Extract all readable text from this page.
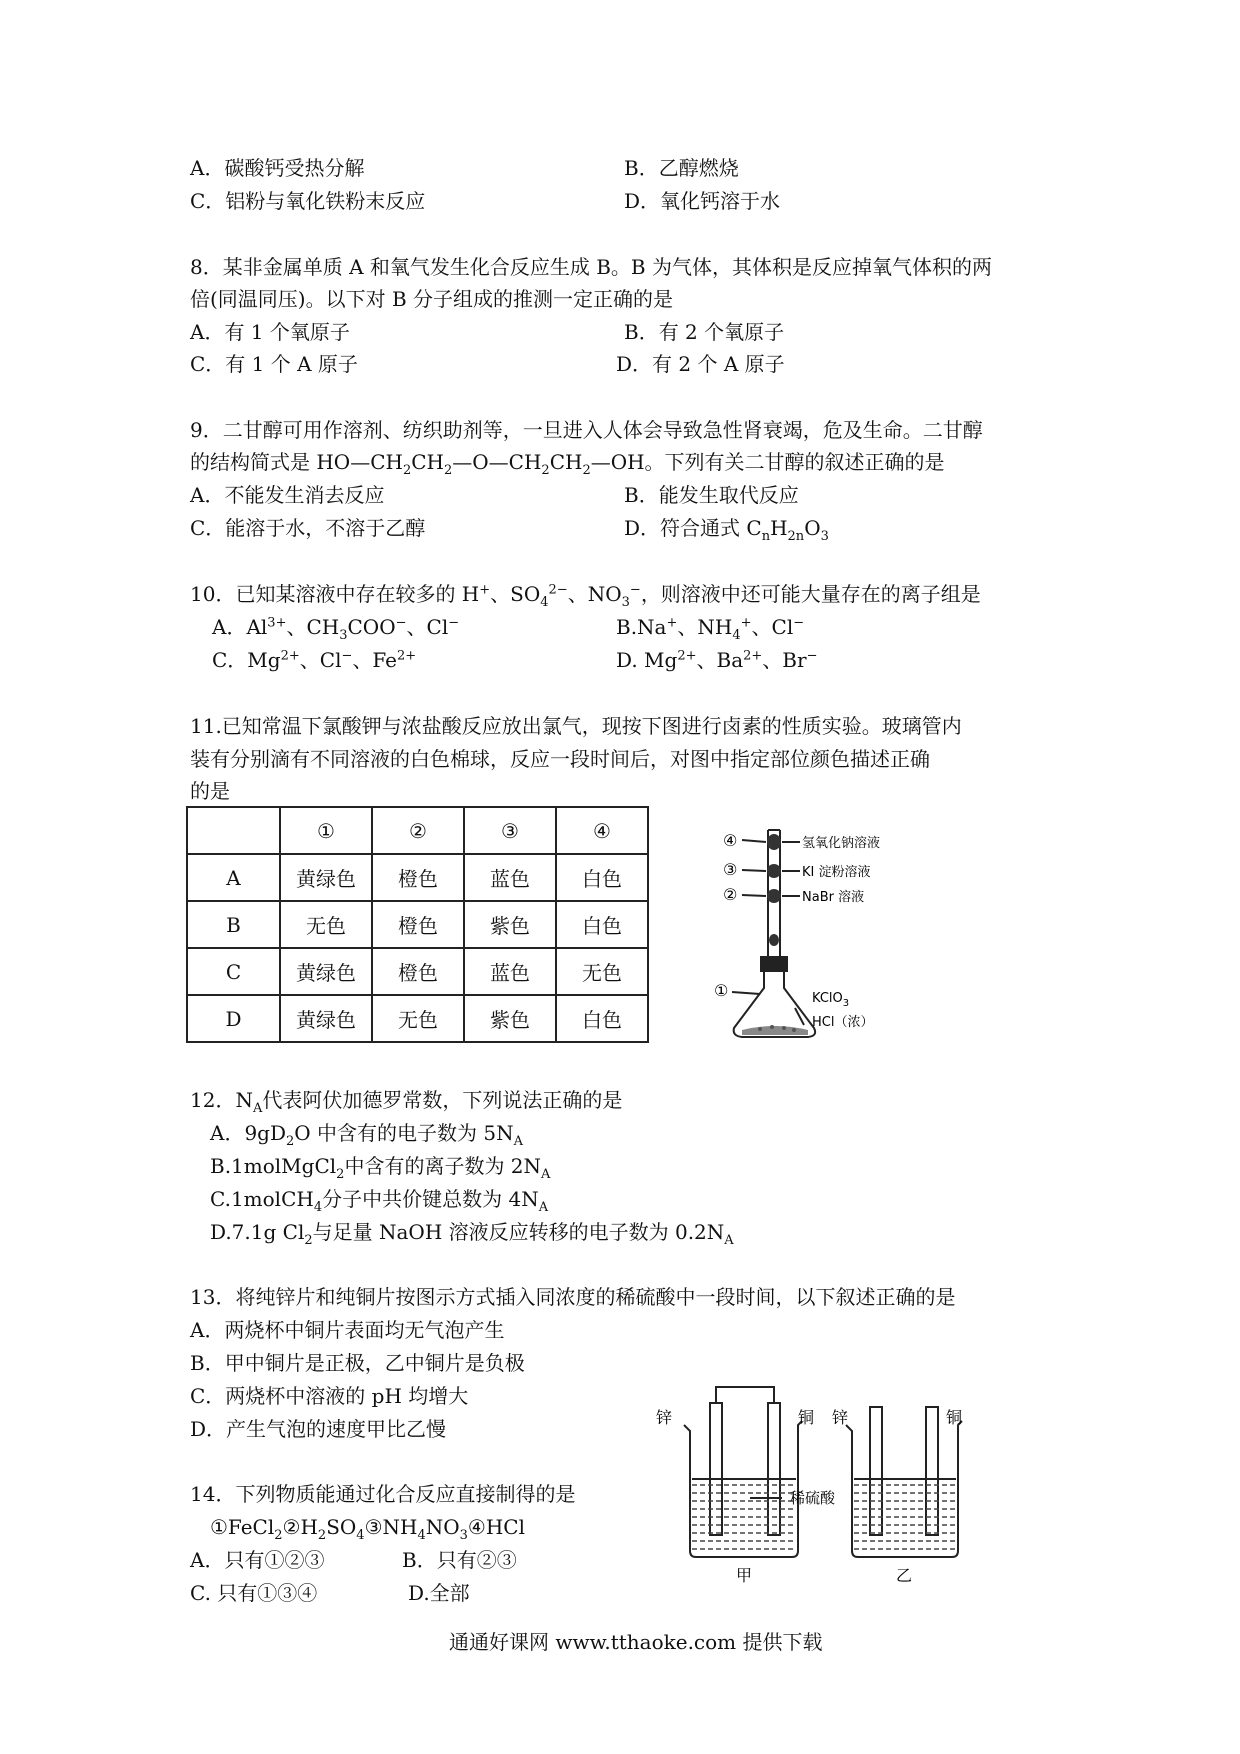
A．碳酸钙受热分解	B．乙醇燃烧
C．铝粉与氧化铁粉末反应	D．氧化钙溶于水
8．某非金属单质 A 和氧气发生化合反应生成 B。B 为气体，其体积是反应掉氧气体积的两
倍(同温同压)。以下对 B 分子组成的推测一定正确的是
A．有 1 个氧原子	B．有 2 个氧原子
C．有 1 个 A 原子	D．有 2 个 A 原子
9．二甘醇可用作溶剂、纺织助剂等，一旦进入人体会导致急性肾衰竭，危及生命。二甘醇
的结构简式是 $HO—CH_2CH_2—O—CH_2CH_2—OH$。下列有关二甘醇的叙述正确的是
A．不能发生消去反应	B．能发生取代反应
C．能溶于水，不溶于乙醇	D．符合通式 $C_nH_{2n}O_3$
10．已知某溶液中存在较多的 H+、$SO_4^{2-}$、$NO_3^-$，则溶液中还可能大量存在的离子组是
A．$Al^{3+}$、$CH_3COO^-$、Cl−	B.Na+、$NH_4^+$、Cl−
C．$Mg^{2+}$、Cl−、$Fe^{2+}$	D. $Mg^{2+}$、$Ba^{2+}$、Br−
11.已知常温下氯酸钾与浓盐酸反应放出氯气，现按下图进行卤素的性质实验。玻璃管内
装有分别滴有不同溶液的白色棉球，反应一段时间后，对图中指定部位颜色描述正确
的是
	①	②	③	④
A	黄绿色	橙色	蓝色	白色
B	无色	橙色	紫色	白色
C	黄绿色	橙色	蓝色	无色
D	黄绿色	无色	紫色	白色
④
③
②
①
氢氧化钠溶液
KI 淀粉溶液
NaBr 溶液
KClO$_3$
HCl（浓）
12．$N_A$代表阿伏加德罗常数，下列说法正确的是
A．$9gD_2O$ 中含有的电子数为 $5N_A$
B.1molMgCl$_2$中含有的离子数为 $2N_A$
C.1molCH$_4$分子中共价键总数为 $4N_A$
D.7.1g $Cl_2$与足量 NaOH 溶液反应转移的电子数为 $0.2N_A$
13．将纯锌片和纯铜片按图示方式插入同浓度的稀硫酸中一段时间，以下叙述正确的是
A．两烧杯中铜片表面均无气泡产生
B．甲中铜片是正极，乙中铜片是负极
C．两烧杯中溶液的 pH 均增大
D．产生气泡的速度甲比乙慢	锌	铜 锌	铜
稀硫酸
甲	乙
14．下列物质能通过化合反应直接制得的是
$①FeCl_2②H_2SO_4③NH_4NO_3④HCl$
A．只有①②③	B．只有②③
C. 只有①③④	D.全部
通通好课网 www.tthaoke.com 提供下载
